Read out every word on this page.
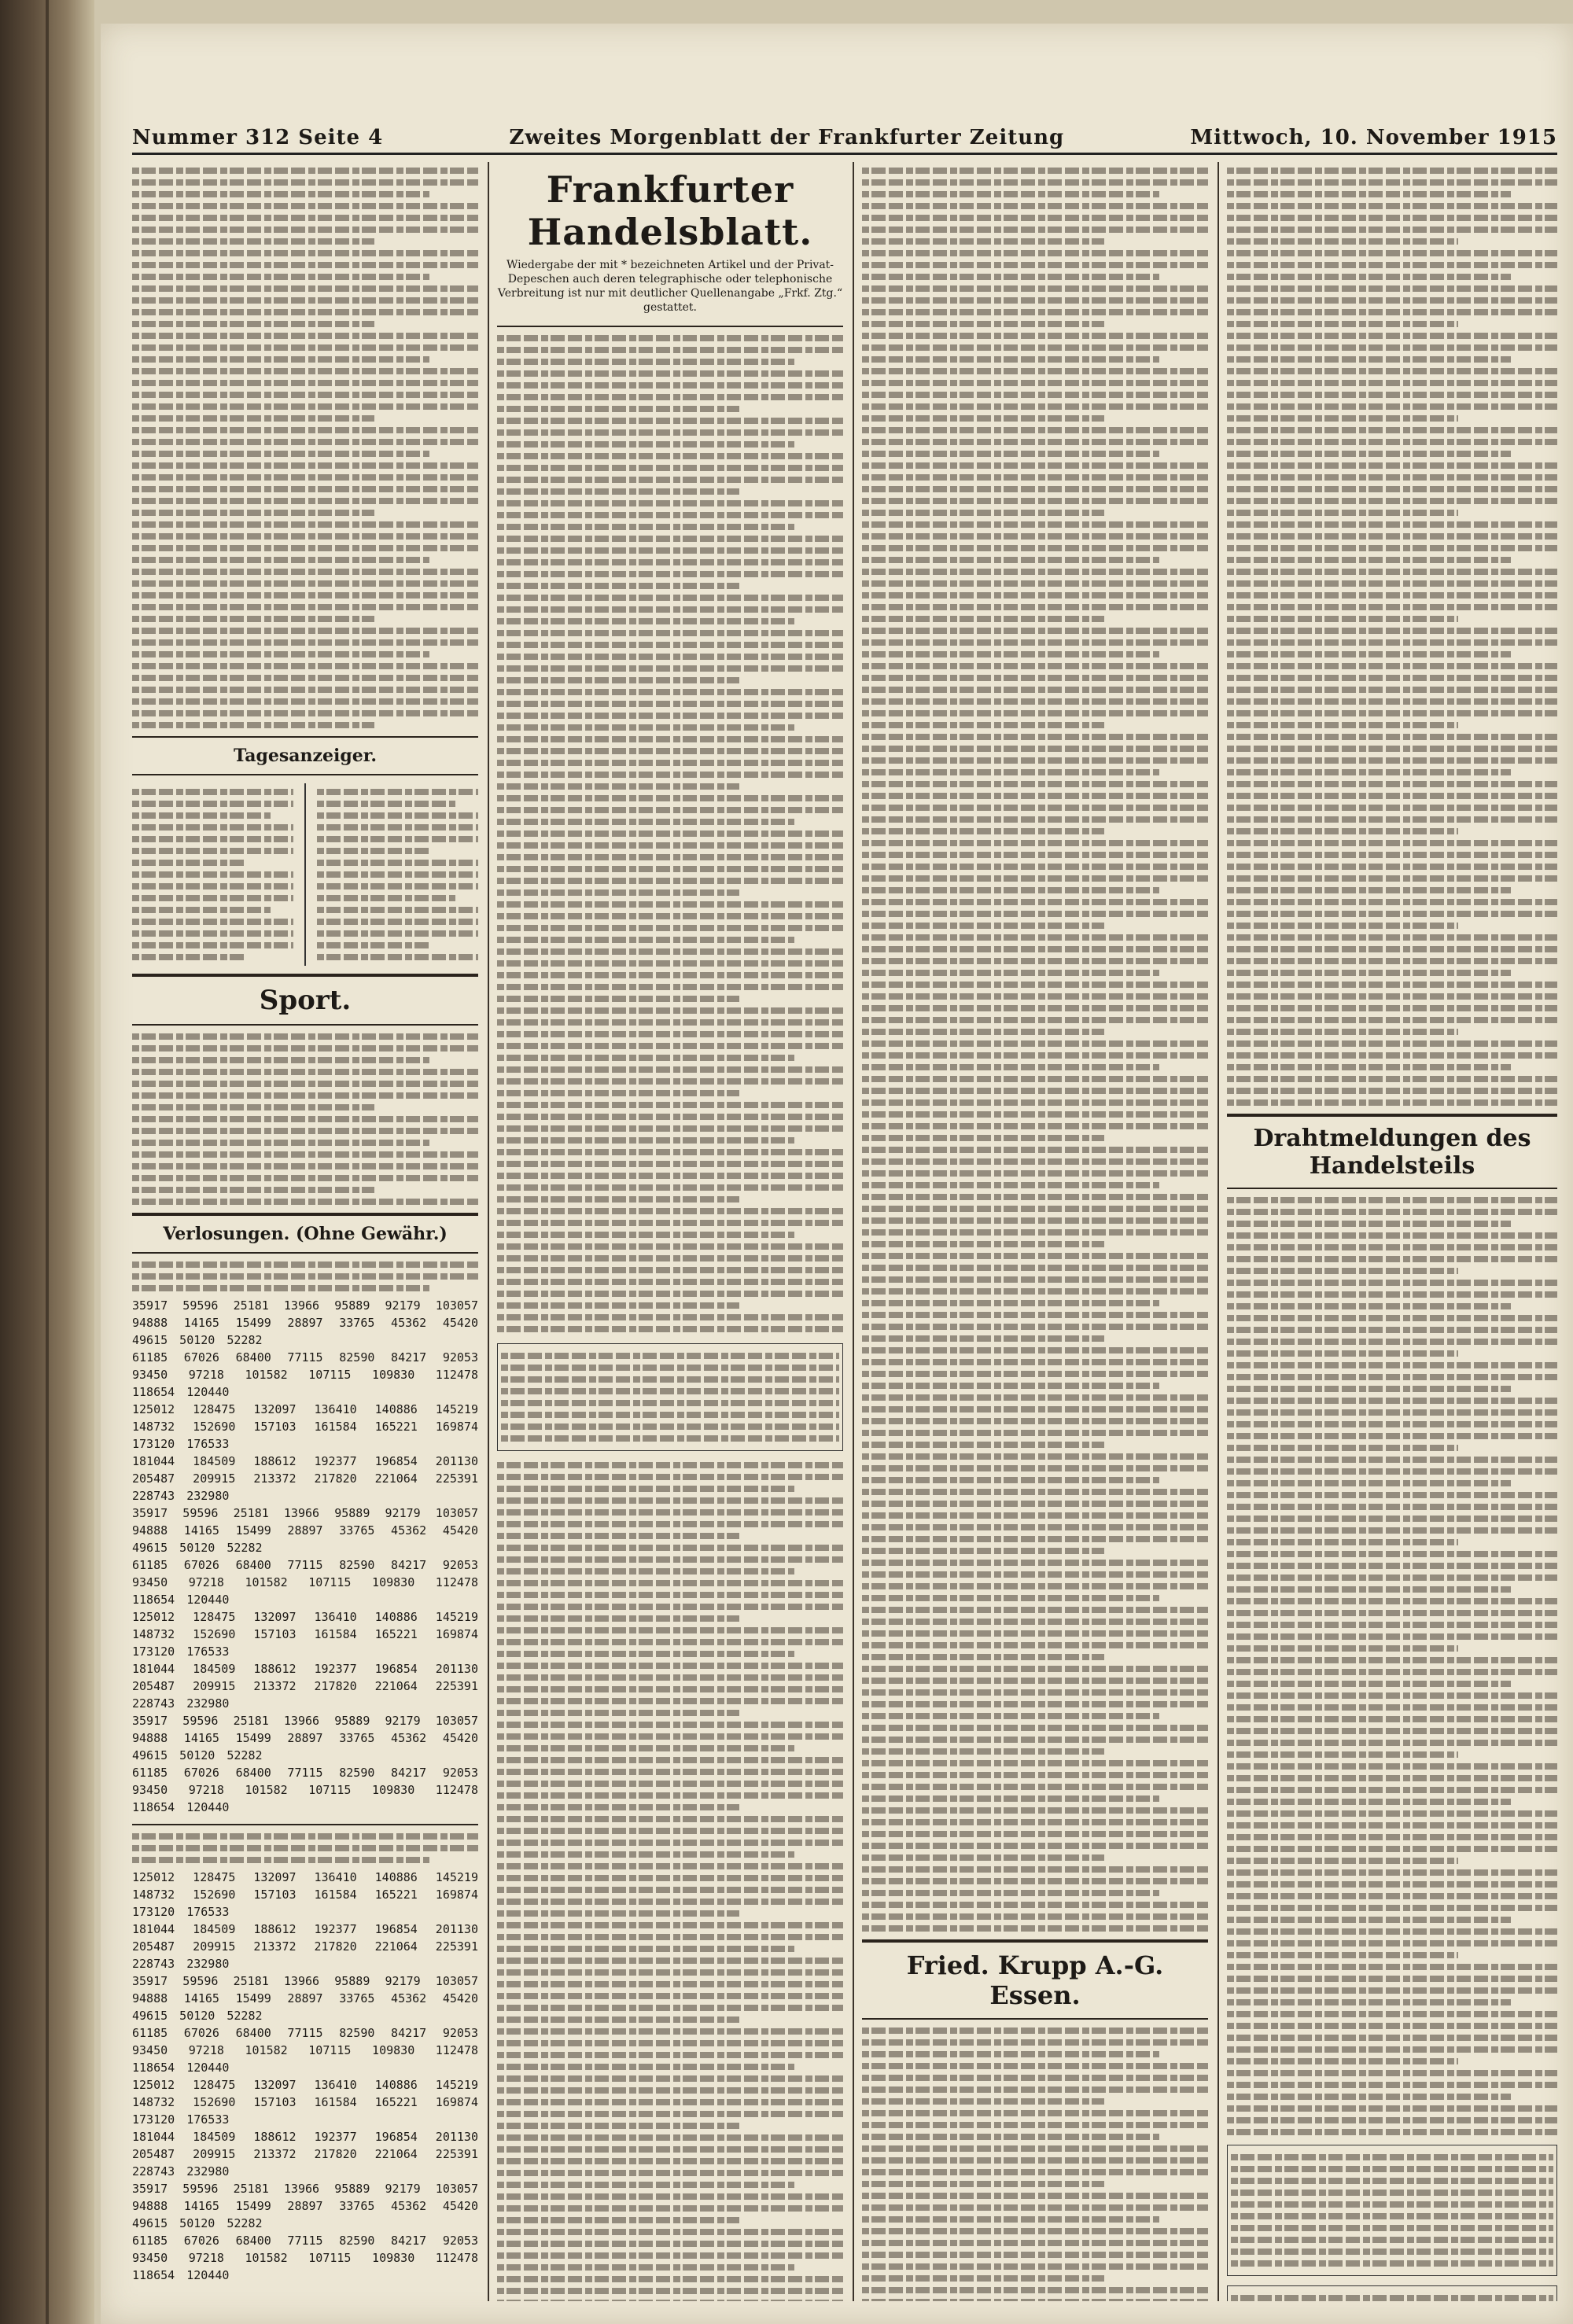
Nummer 312 Seite 4	Zweites Morgenblatt der Frankfurter Zeitung	Mittwoch, 10. November 1915
Tagesanzeiger.
Sport.
Verlosungen. (Ohne Gewähr.)
35917 59596 25181 13966 95889 92179 103057 94888 14165 15499 28897 33765 45362 45420 49615 50120 52282
61185 67026 68400 77115 82590 84217 92053 93450 97218 101582 107115 109830 112478 118654 120440
125012 128475 132097 136410 140886 145219 148732 152690 157103 161584 165221 169874 173120 176533
181044 184509 188612 192377 196854 201130 205487 209915 213372 217820 221064 225391 228743 232980
35917 59596 25181 13966 95889 92179 103057 94888 14165 15499 28897 33765 45362 45420 49615 50120 52282
61185 67026 68400 77115 82590 84217 92053 93450 97218 101582 107115 109830 112478 118654 120440
125012 128475 132097 136410 140886 145219 148732 152690 157103 161584 165221 169874 173120 176533
181044 184509 188612 192377 196854 201130 205487 209915 213372 217820 221064 225391 228743 232980
35917 59596 25181 13966 95889 92179 103057 94888 14165 15499 28897 33765 45362 45420 49615 50120 52282
61185 67026 68400 77115 82590 84217 92053 93450 97218 101582 107115 109830 112478 118654 120440
125012 128475 132097 136410 140886 145219 148732 152690 157103 161584 165221 169874 173120 176533
181044 184509 188612 192377 196854 201130 205487 209915 213372 217820 221064 225391 228743 232980
35917 59596 25181 13966 95889 92179 103057 94888 14165 15499 28897 33765 45362 45420 49615 50120 52282
61185 67026 68400 77115 82590 84217 92053 93450 97218 101582 107115 109830 112478 118654 120440
125012 128475 132097 136410 140886 145219 148732 152690 157103 161584 165221 169874 173120 176533
181044 184509 188612 192377 196854 201130 205487 209915 213372 217820 221064 225391 228743 232980
35917 59596 25181 13966 95889 92179 103057 94888 14165 15499 28897 33765 45362 45420 49615 50120 52282
61185 67026 68400 77115 82590 84217 92053 93450 97218 101582 107115 109830 112478 118654 120440
Frankfurter Handelsblatt.
Wiedergabe der mit * bezeichneten Artikel und der Privat-Depeschen auch deren telegraphische oder telephonische Verbreitung ist nur mit deutlicher Quellenangabe „Frkf. Ztg.“ gestattet.
Fried. Krupp A.-G. Essen.
Drahtmeldungen des Handelsteils
